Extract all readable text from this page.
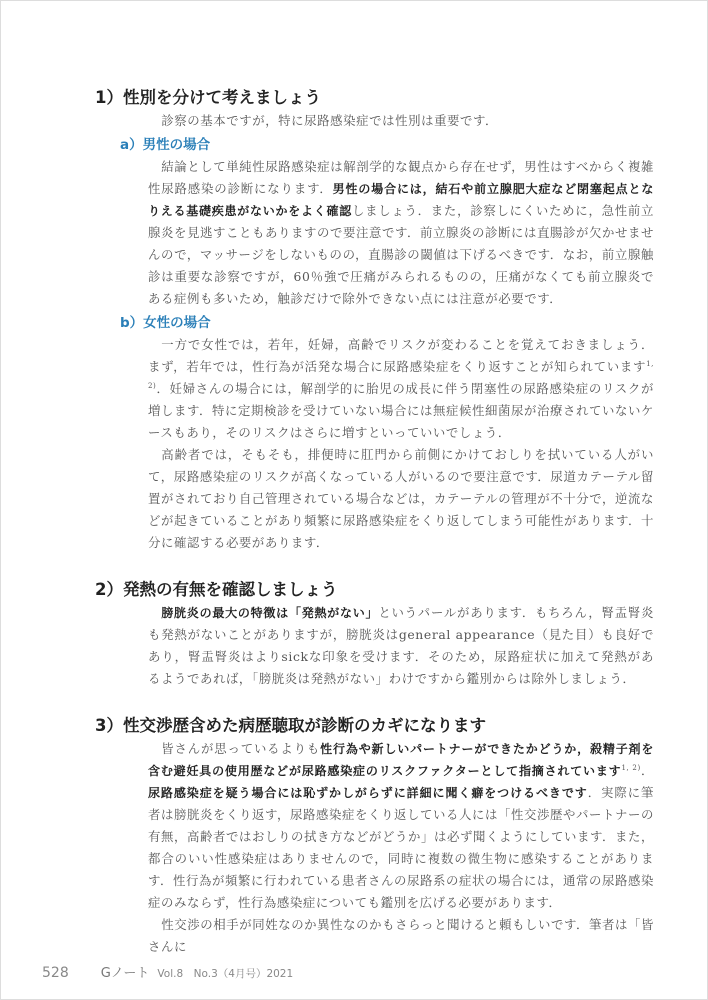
1）性別を分けて考えましょう
診察の基本ですが，特に尿路感染症では性別は重要です．
a）男性の場合
結論として単純性尿路感染症は解剖学的な観点から存在せず，男性はすべからく複雑性尿路感染の診断になります．男性の場合には，結石や前立腺肥大症など閉塞起点となりえる基礎疾患がないかをよく確認しましょう．また，診察しにくいために，急性前立腺炎を見逃すこともありますので要注意です．前立腺炎の診断には直腸診が欠かせませんので，マッサージをしないものの，直腸診の閾値は下げるべきです．なお，前立腺触診は重要な診察ですが，60％強で圧痛がみられるものの，圧痛がなくても前立腺炎である症例も多いため，触診だけで除外できない点には注意が必要です．
b）女性の場合
一方で女性では，若年，妊婦，高齢でリスクが変わることを覚えておきましょう．まず，若年では，性行為が活発な場合に尿路感染症をくり返すことが知られています$^{1, 2)}$．妊婦さんの場合には，解剖学的に胎児の成長に伴う閉塞性の尿路感染症のリスクが増します．特に定期検診を受けていない場合には無症候性細菌尿が治療されていないケースもあり，そのリスクはさらに増すといっていいでしょう．
高齢者では，そもそも，排便時に肛門から前側にかけておしりを拭いている人がいて，尿路感染症のリスクが高くなっている人がいるので要注意です．尿道カテーテル留置がされており自己管理されている場合などは，カテーテルの管理が不十分で，逆流などが起きていることがあり頻繁に尿路感染症をくり返してしまう可能性があります．十分に確認する必要があります．
2）発熱の有無を確認しましょう
膀胱炎の最大の特徴は「発熱がない」というパールがあります．もちろん，腎盂腎炎も発熱がないことがありますが，膀胱炎はgeneral appearance（見た目）も良好であり，腎盂腎炎はよりsickな印象を受けます．そのため，尿路症状に加えて発熱があるようであれば，「膀胱炎は発熱がない」わけですから鑑別からは除外しましょう．
3）性交渉歴含めた病歴聴取が診断のカギになります
皆さんが思っているよりも性行為や新しいパートナーができたかどうか，殺精子剤を含む避妊具の使用歴などが尿路感染症のリスクファクターとして指摘されています$^{1, 2)}$．尿路感染症を疑う場合には恥ずかしがらずに詳細に聞く癖をつけるべきです．実際に筆者は膀胱炎をくり返す，尿路感染症をくり返している人には「性交渉歴やパートナーの有無，高齢者ではおしりの拭き方などがどうか」は必ず聞くようにしています．また，都合のいい性感染症はありませんので，同時に複数の微生物に感染することがあります．性行為が頻繁に行われている患者さんの尿路系の症状の場合には，通常の尿路感染症のみならず，性行為感染症についても鑑別を広げる必要があります．
性交渉の相手が同姓なのか異性なのかもさらっと聞けると頼もしいです．筆者は「皆さんに
528 Gノート Vol.8　No.3（4月号）2021
